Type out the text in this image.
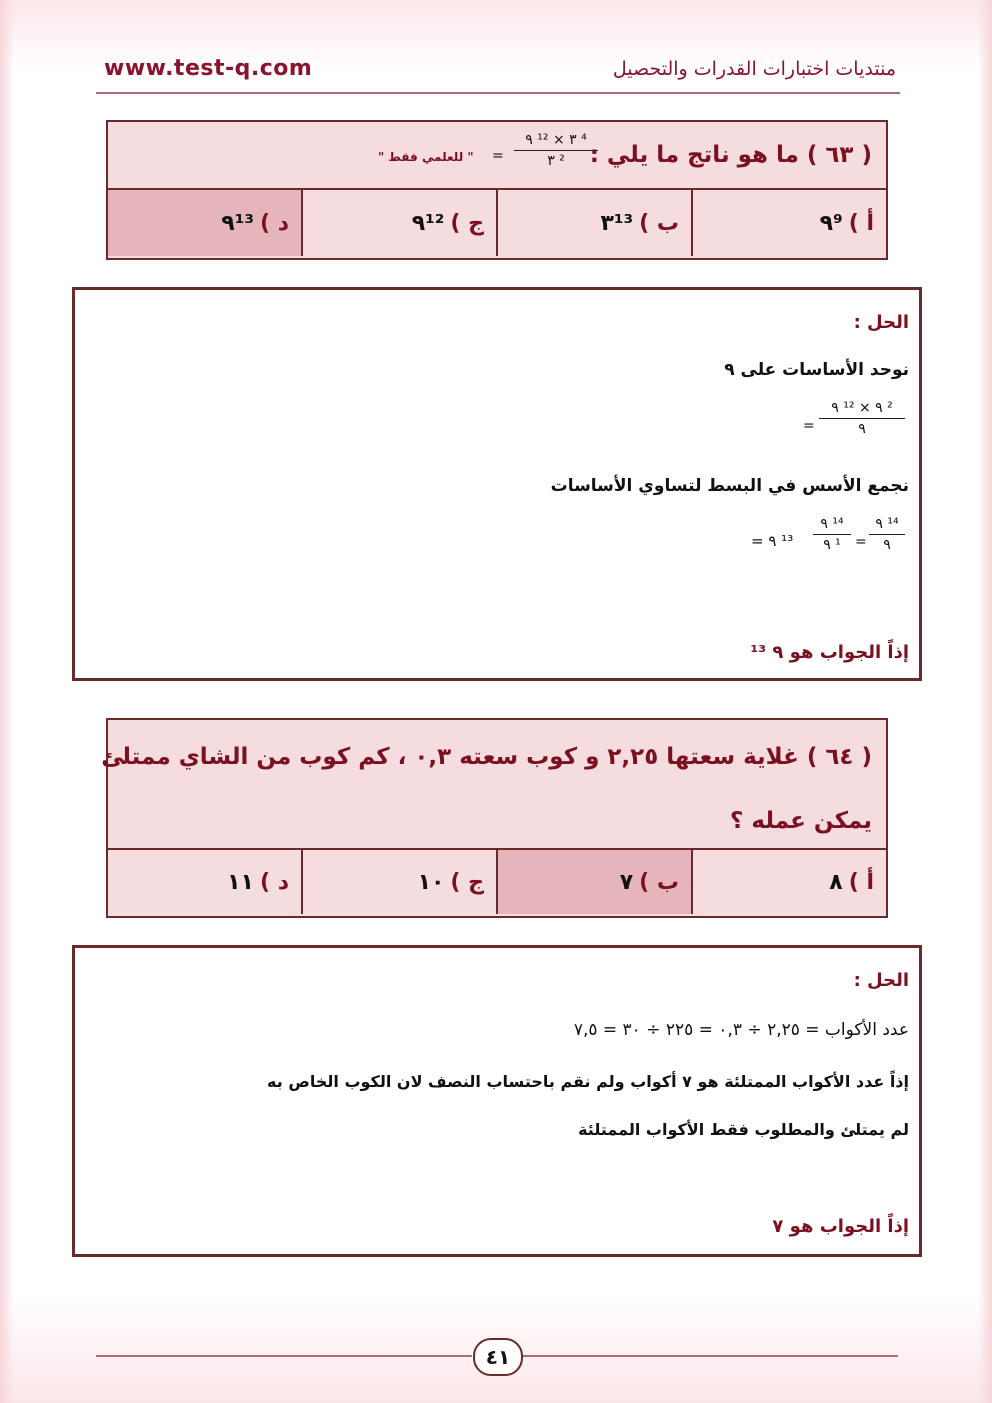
www.test-q.com	منتديات اختبارات القدرات والتحصيل
( ٦٣ ) ما هو ناتج ما يلي :
٩ ¹² × ٣ ⁴
٣ ²
=
" للعلمي فقط "
أ )
٩⁹
ب )
٣¹³
ج )
٩¹²
د )
٩¹³
الحل :
نوحد الأساسات على ٩
٩ ¹² × ٩ ²
٩
=
نجمع الأسس في البسط لتساوي الأساسات
٩ ¹⁴
٩
=
٩ ¹⁴
٩ ¹
= ٩ ¹³
إذاً الجواب هو ٩ ¹³
( ٦٤ ) غلاية سعتها ٢,٢٥ و كوب سعته ٠,٣ ، كم كوب من الشاي ممتلئ
يمكن عمله ؟
أ )
٨
ب )
٧
ج )
١٠
د )
١١
الحل :
عدد الأكواب = ٢,٢٥ ÷ ٠,٣ = ٢٢٥ ÷ ٣٠ = ٧,٥
إذاً عدد الأكواب الممتلئة هو ٧ أكواب ولم نقم باحتساب النصف لان الكوب الخاص به
لم يمتلئ والمطلوب فقط الأكواب الممتلئة
إذاً الجواب هو ٧
٤١
